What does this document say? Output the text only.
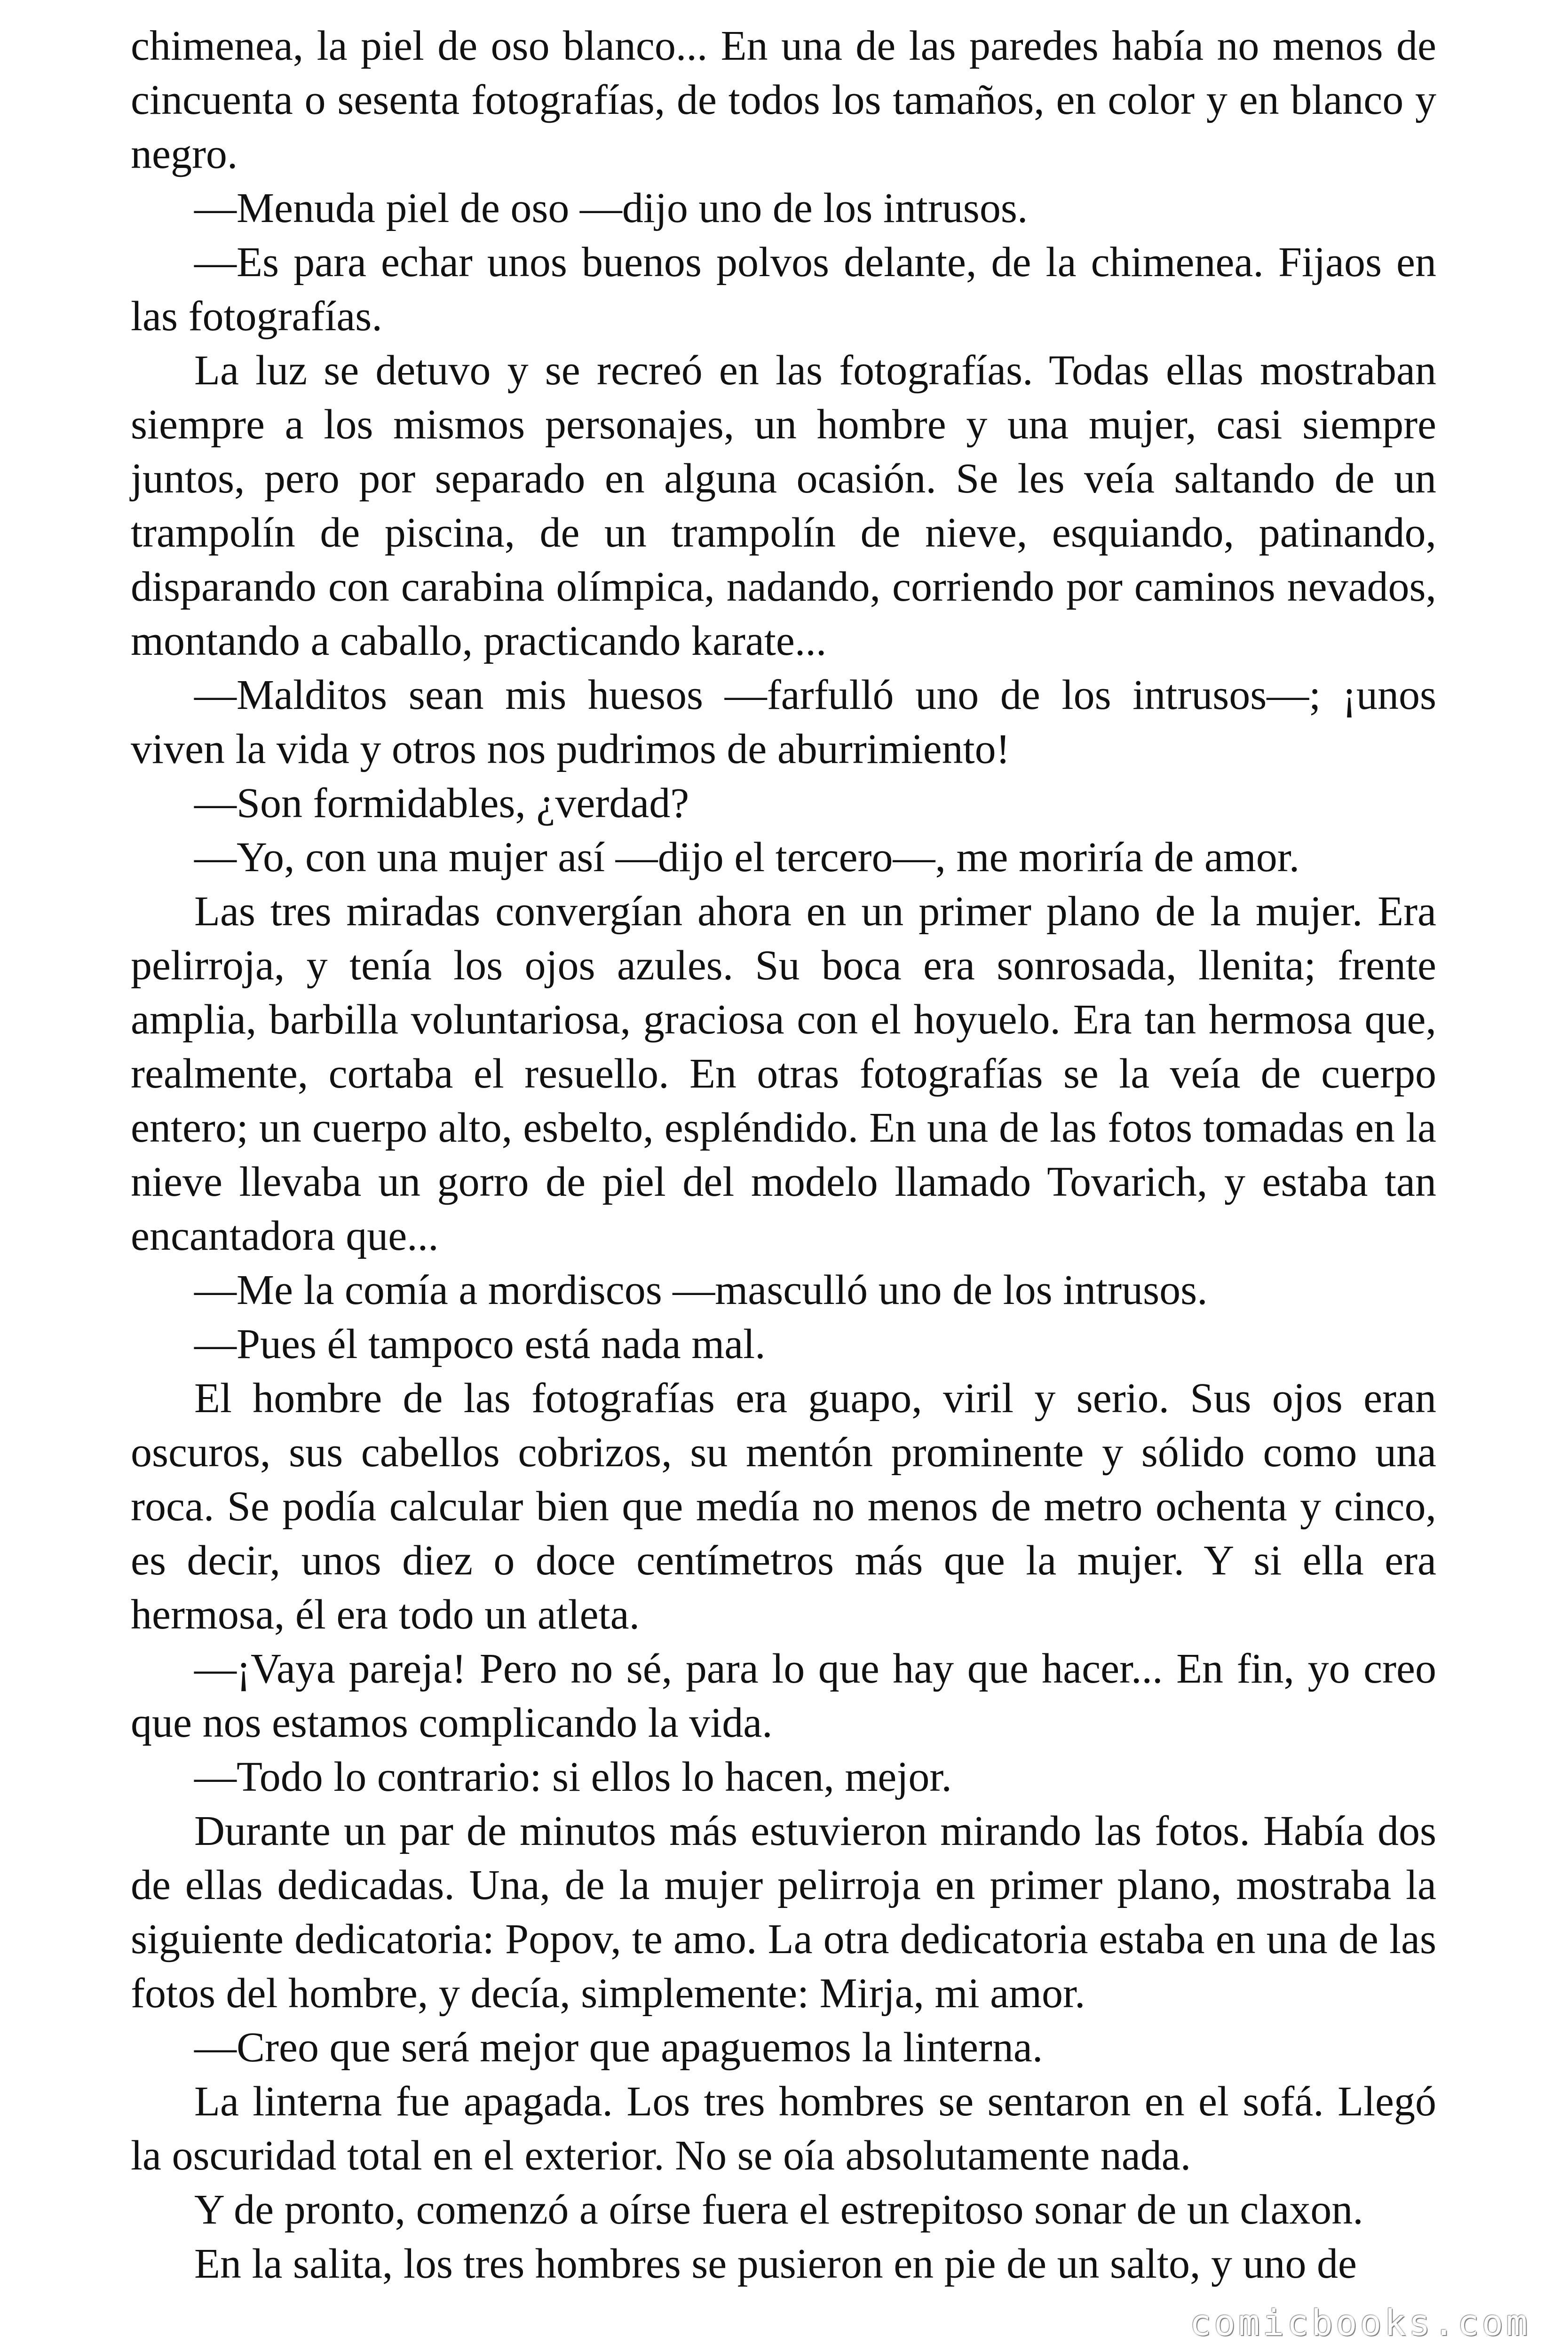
chimenea, la piel de oso blanco... En una de las paredes había no menos de cincuenta o sesenta fotografías, de todos los tamaños, en color y en blanco y negro.

—Menuda piel de oso —dijo uno de los intrusos.

—Es para echar unos buenos polvos delante, de la chimenea. Fijaos en las fotografías.

La luz se detuvo y se recreó en las fotografías. Todas ellas mostraban siempre a los mismos personajes, un hombre y una mujer, casi siempre juntos, pero por separado en alguna ocasión. Se les veía saltando de un trampolín de piscina, de un trampolín de nieve, esquiando, patinando, disparando con carabina olímpica, nadando, corriendo por caminos nevados, montando a caballo, practicando karate...

—Malditos sean mis huesos —farfulló uno de los intrusos—; ¡unos viven la vida y otros nos pudrimos de aburrimiento!

—Son formidables, ¿verdad?

—Yo, con una mujer así —dijo el tercero—, me moriría de amor.

Las tres miradas convergían ahora en un primer plano de la mujer. Era pelirroja, y tenía los ojos azules. Su boca era sonrosada, llenita; frente amplia, barbilla voluntariosa, graciosa con el hoyuelo. Era tan hermosa que, realmente, cortaba el resuello. En otras fotografías se la veía de cuerpo entero; un cuerpo alto, esbelto, espléndido. En una de las fotos tomadas en la nieve llevaba un gorro de piel del modelo llamado Tovarich, y estaba tan encantadora que...

—Me la comía a mordiscos —masculló uno de los intrusos.

—Pues él tampoco está nada mal.

El hombre de las fotografías era guapo, viril y serio. Sus ojos eran oscuros, sus cabellos cobrizos, su mentón prominente y sólido como una roca. Se podía calcular bien que medía no menos de metro ochenta y cinco, es decir, unos diez o doce centímetros más que la mujer. Y si ella era hermosa, él era todo un atleta.

—¡Vaya pareja! Pero no sé, para lo que hay que hacer... En fin, yo creo que nos estamos complicando la vida.

—Todo lo contrario: si ellos lo hacen, mejor.

Durante un par de minutos más estuvieron mirando las fotos. Había dos de ellas dedicadas. Una, de la mujer pelirroja en primer plano, mostraba la siguiente dedicatoria: Popov, te amo. La otra dedicatoria estaba en una de las fotos del hombre, y decía, simplemente: Mirja, mi amor.

—Creo que será mejor que apaguemos la linterna.

La linterna fue apagada. Los tres hombres se sentaron en el sofá. Llegó la oscuridad total en el exterior. No se oía absolutamente nada.

Y de pronto, comenzó a oírse fuera el estrepitoso sonar de un claxon.

En la salita, los tres hombres se pusieron en pie de un salto, y uno de

comicbooks.com
